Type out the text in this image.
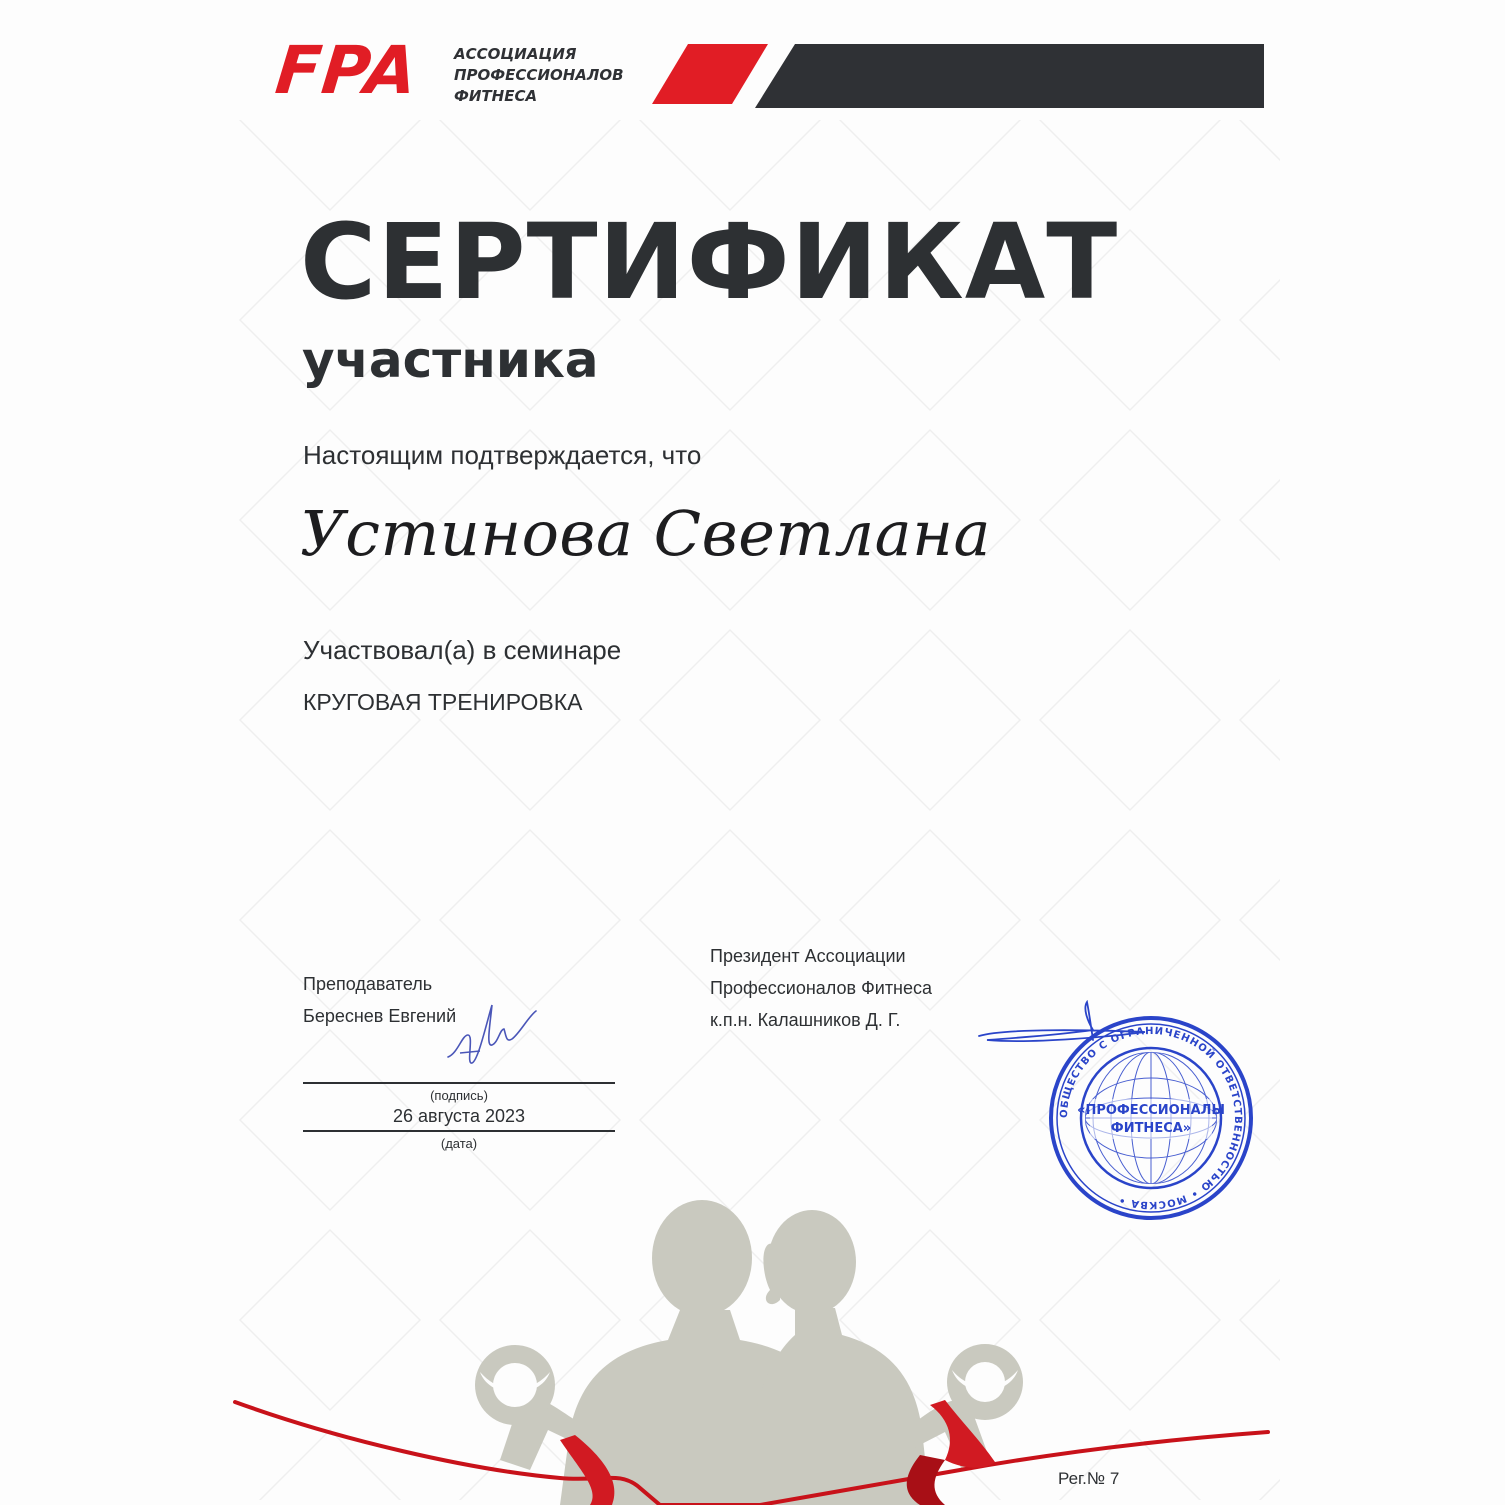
FPA АССОЦИАЦИЯ
ПРОФЕССИОНАЛОВ
ФИТНЕСА
СЕРТИФИКАТ
участника
Настоящим подтверждается, что
Устинова Светлана
Участвовал(а) в семинаре
КРУГОВАЯ ТРЕНИРОВКА
Преподаватель
Береснев Евгений
(подпись)
26 августа 2023
(дата)
Президент Ассоциации
Профессионалов Фитнеса
к.п.н. Калашников Д. Г.
ОБЩЕСТВО С ОГРАНИЧЕННОЙ ОТВЕТСТВЕННОСТЬЮ • МОСКВА •
«ПРОФЕССИОНАЛЫ
ФИТНЕСА»
Рег.№ 7
